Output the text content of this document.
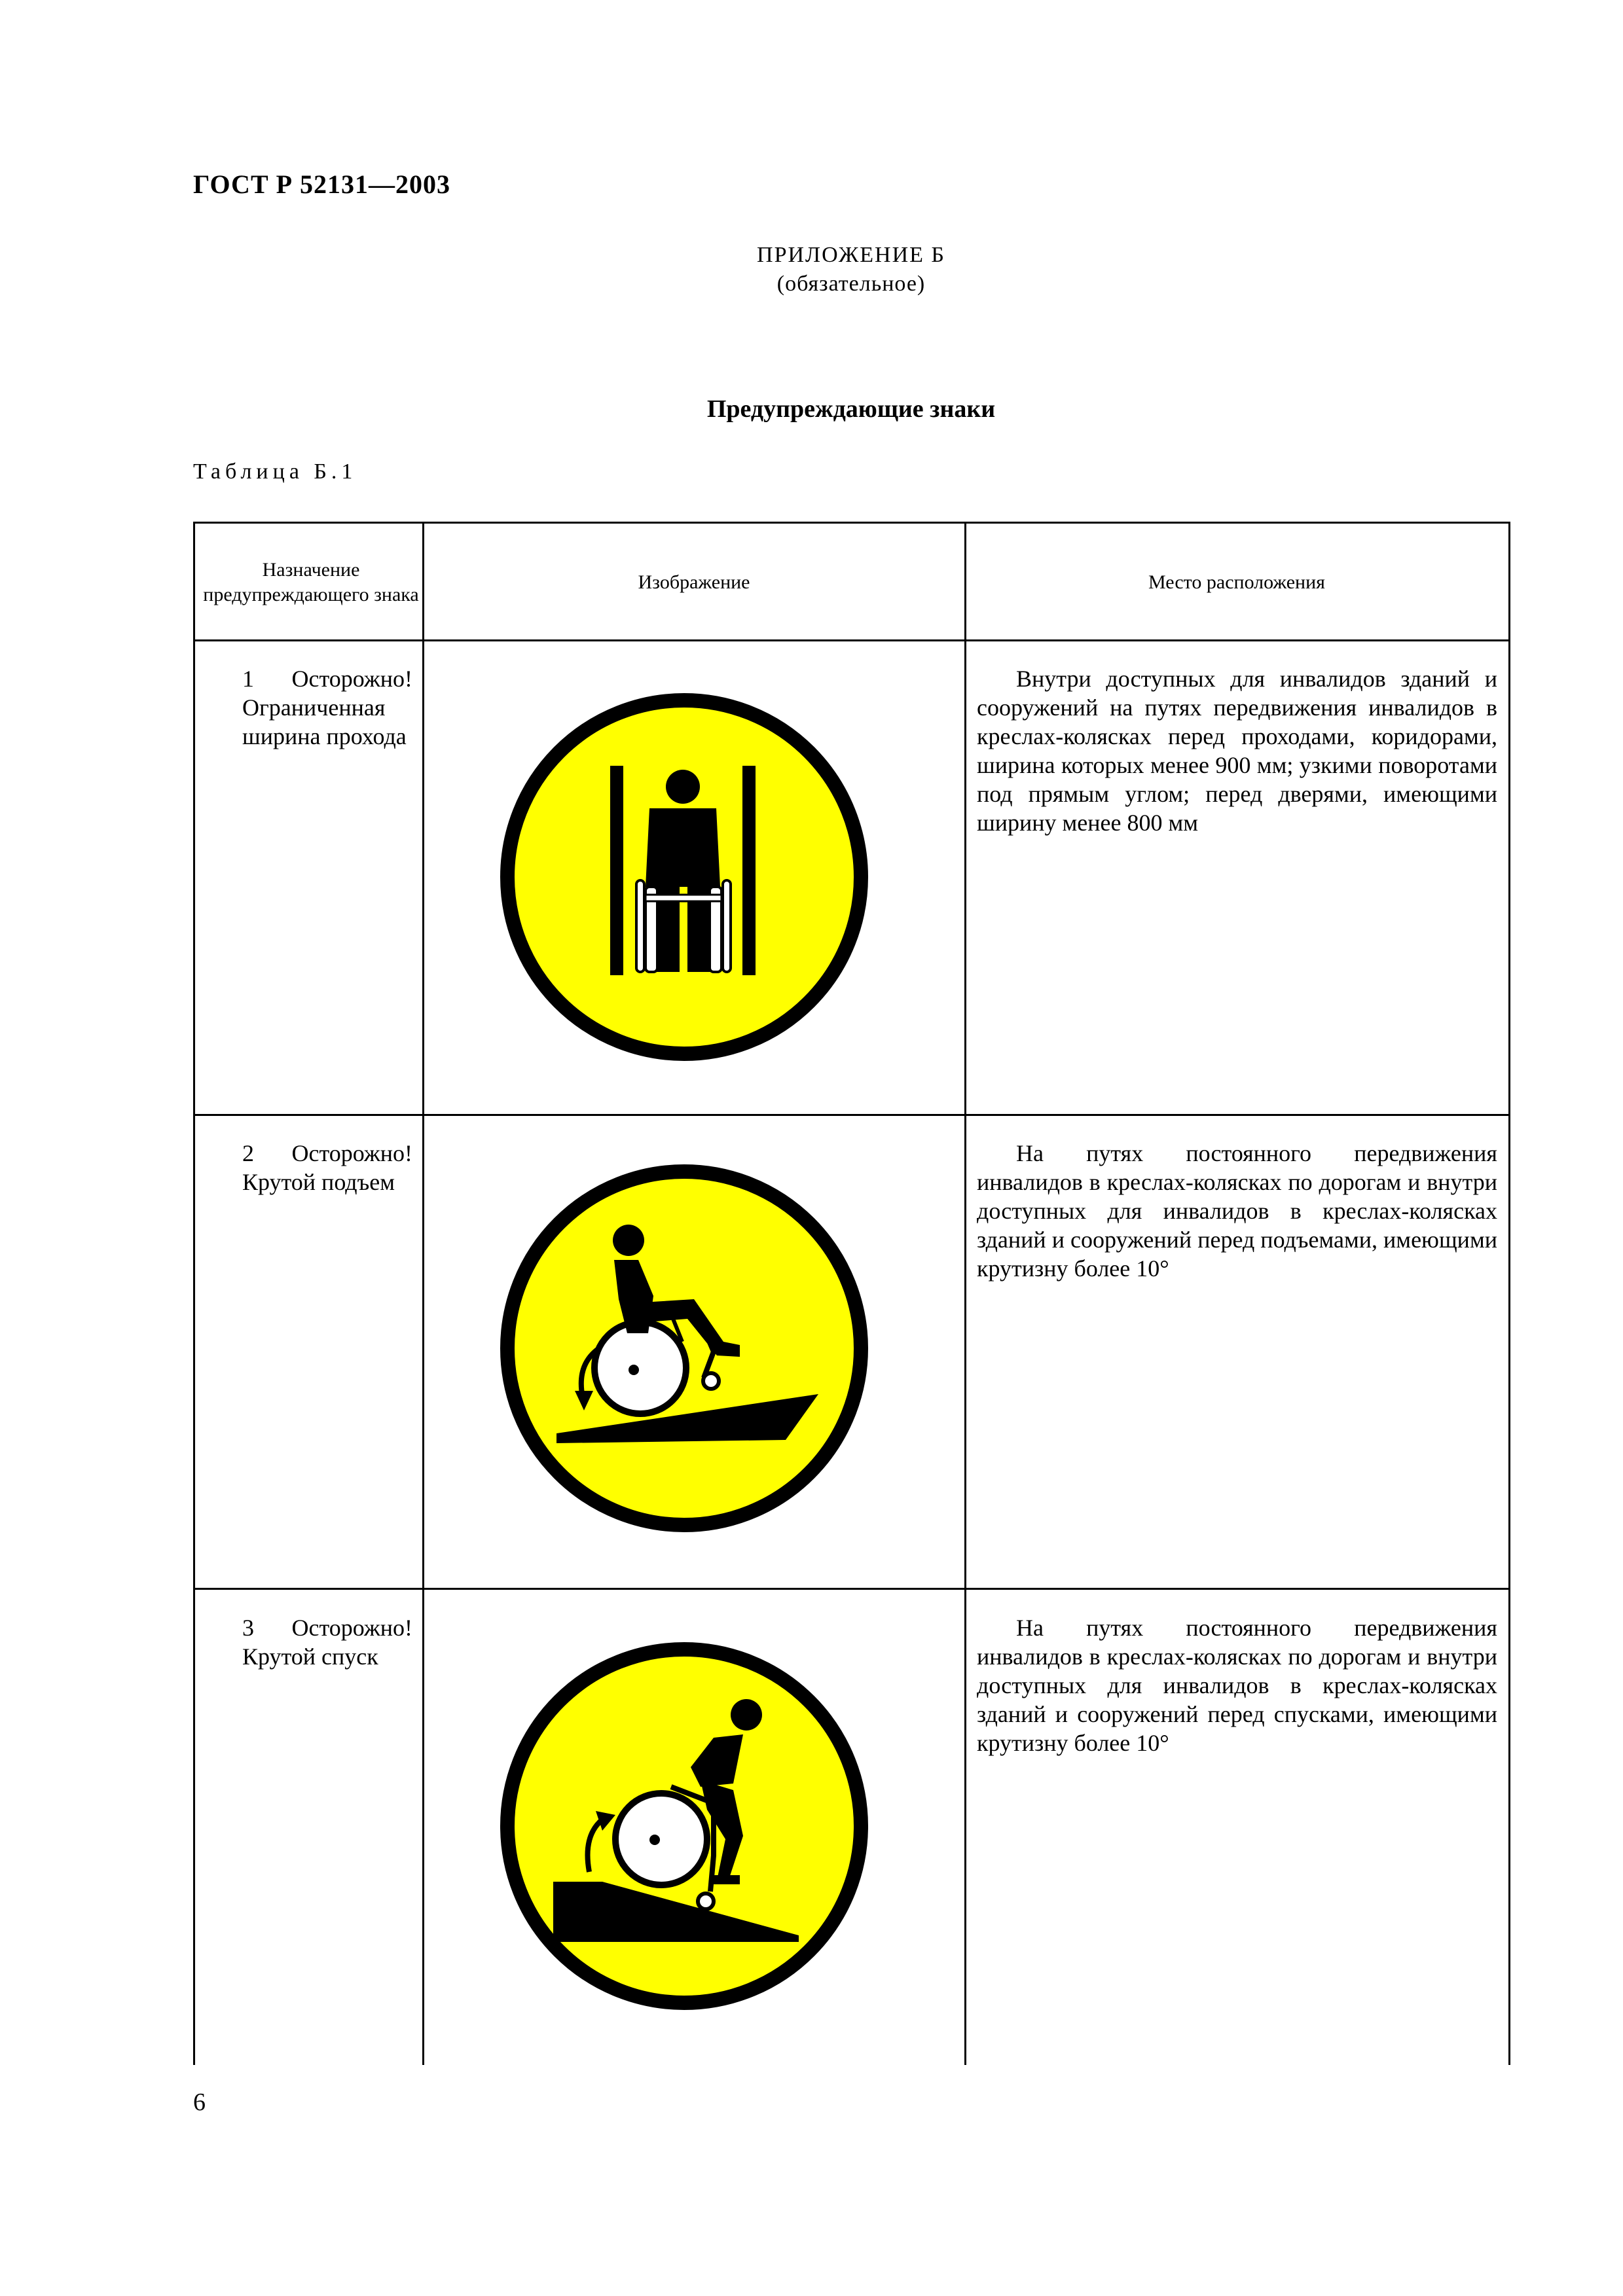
ГОСТ Р 52131—2003
ПРИЛОЖЕНИЕ Б
(обязательное)
Предупреждающие знаки
Таблица Б.1
Назначение предупреждающего знака
Изображение	Место расположения
1 Осторожно! Ограниченная ширина прохода
Внутри доступных для инвалидов зданий и сооружений на путях передвижения инвалидов в креслах-колясках перед проходами, коридорами, ширина которых менее 900 мм; узкими поворотами под прямым углом; перед дверями, имеющими ширину менее 800 мм
2 Осторожно! Крутой подъем
На путях постоянного передвижения инвалидов в креслах-колясках по дорогам и внутри доступных для инвалидов в креслах-колясках зданий и сооружений перед подъемами, имеющими крутизну более 10°
3 Осторожно! Крутой спуск
На путях постоянного передвижения инвалидов в креслах-колясках по дорогам и внутри доступных для инвалидов в креслах-колясках зданий и сооружений перед спусками, имеющими крутизну более 10°
6
